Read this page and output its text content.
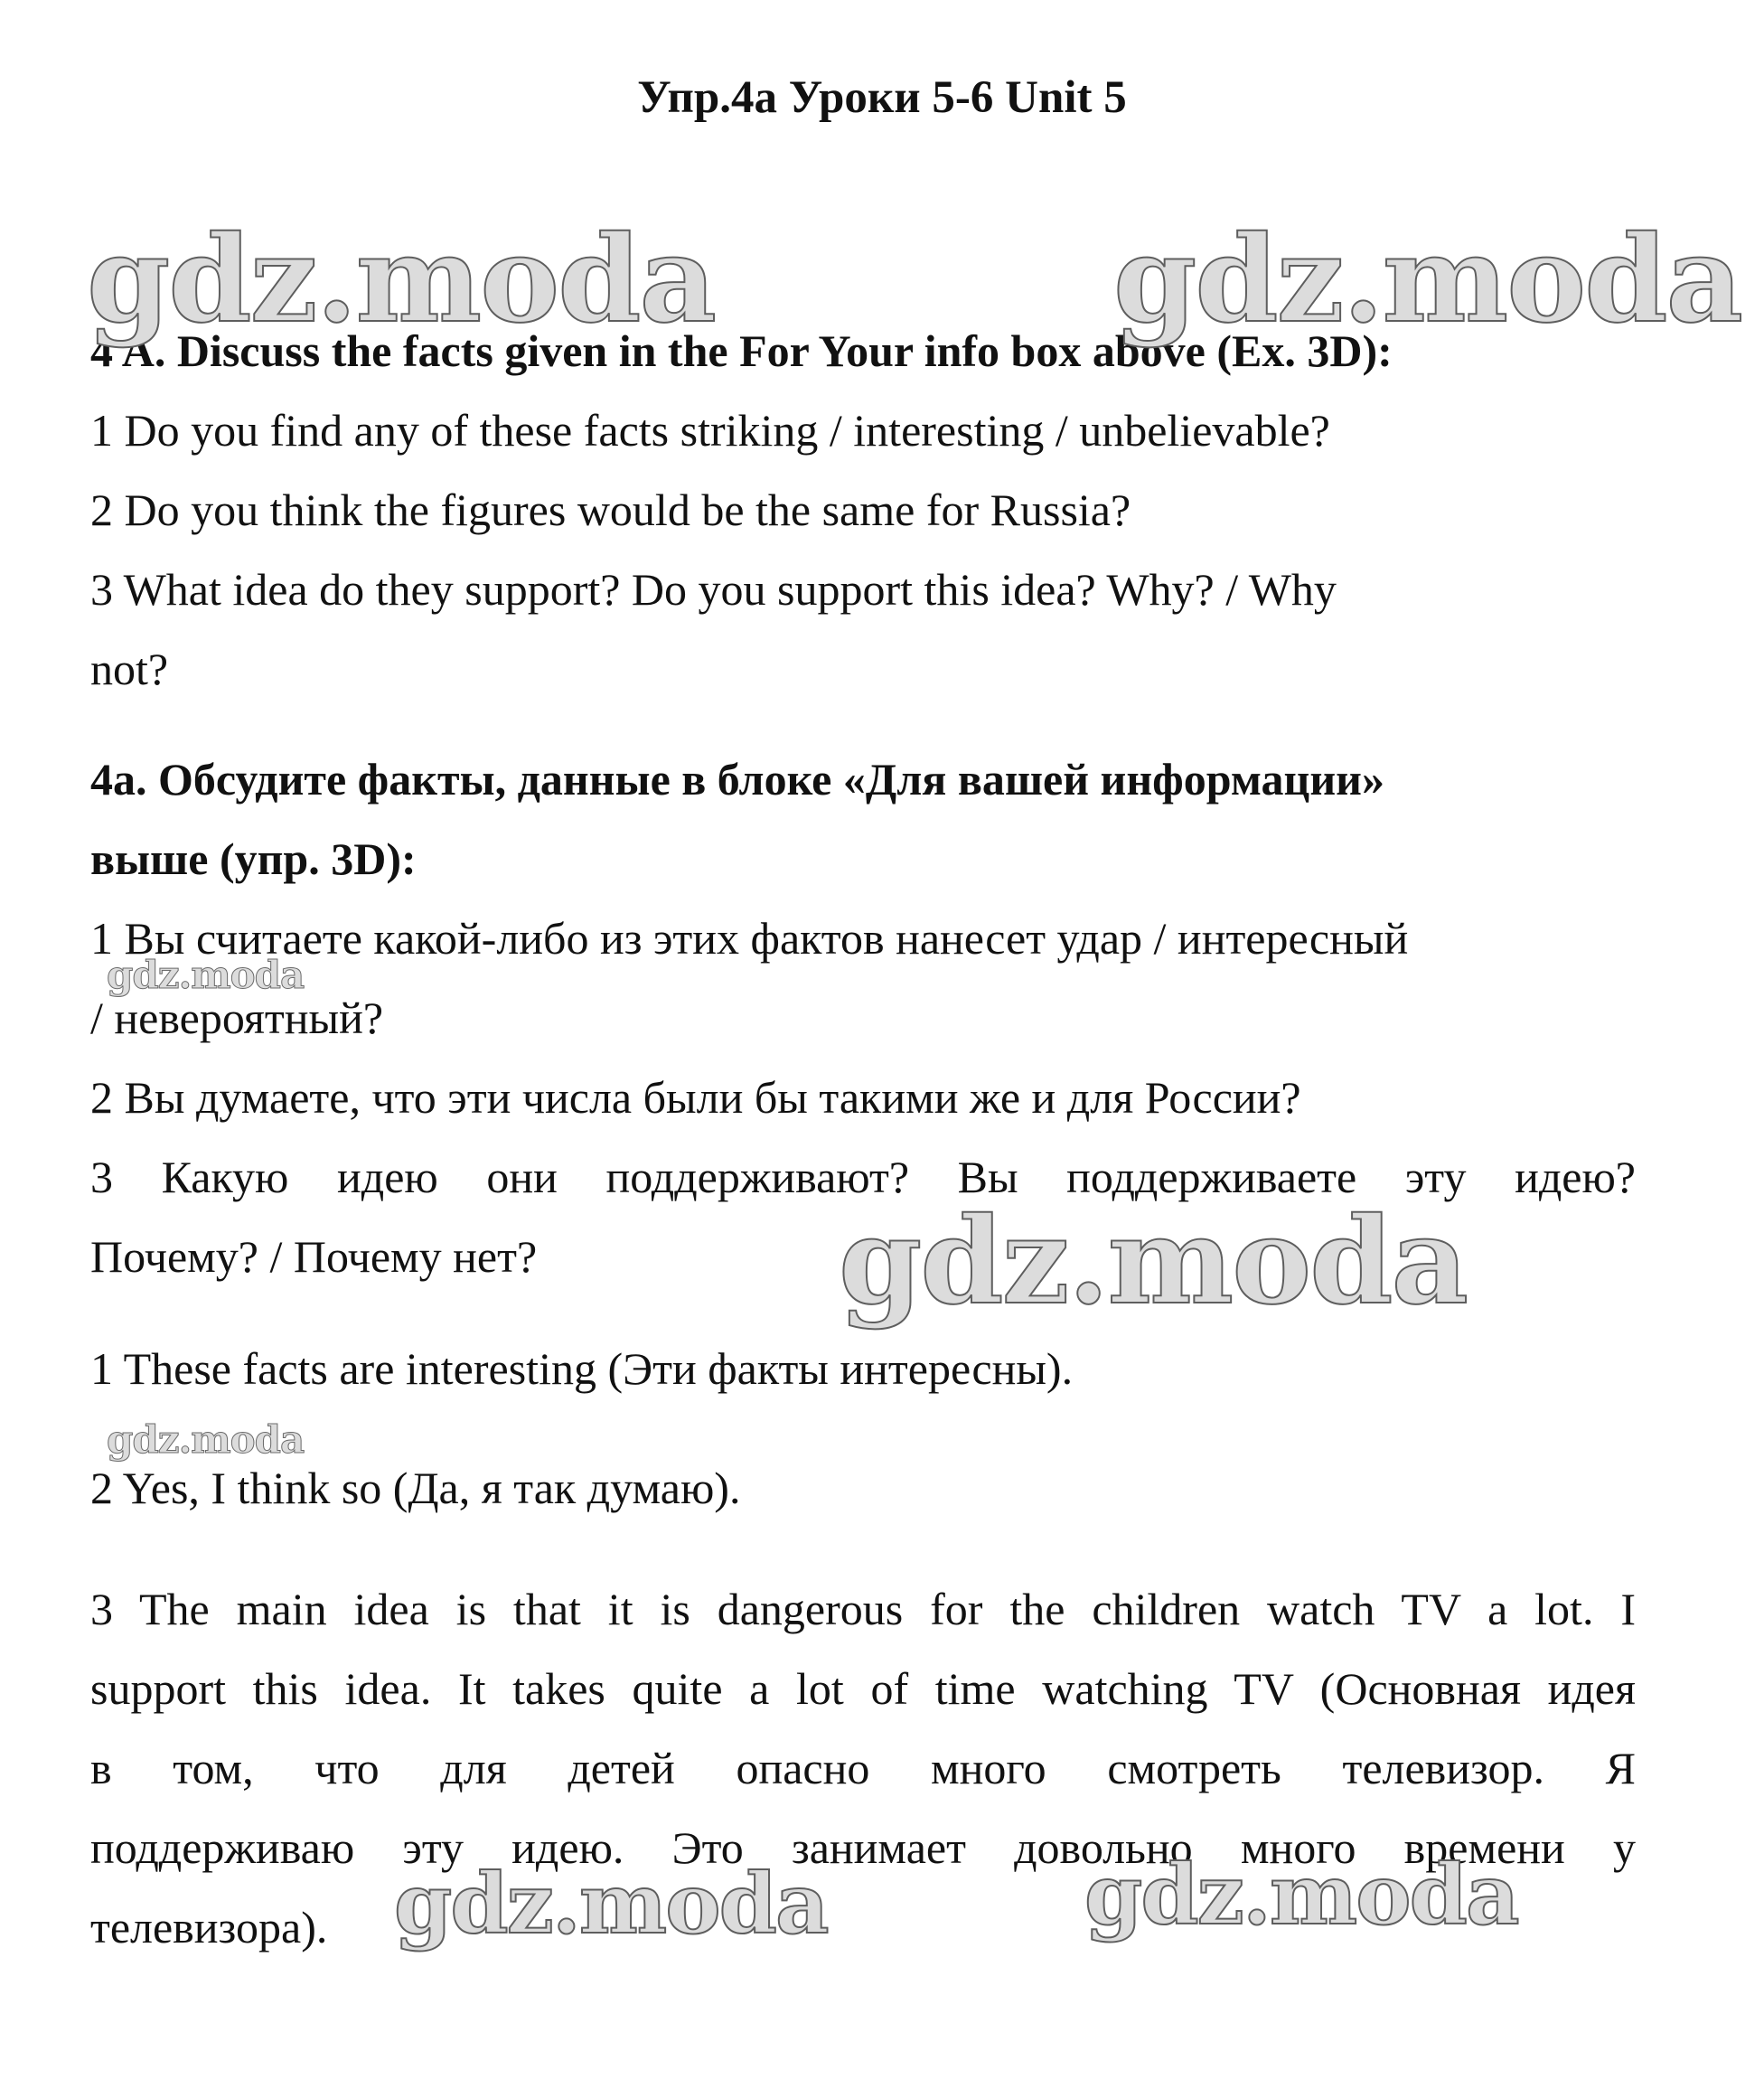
Упр.4а Уроки 5-6 Unit 5
gdz.moda	gdz.moda
gdz.moda
gdz.moda
gdz.moda
gdz.moda	gdz.moda

4 A. Discuss the facts given in the For Your info box above (Ex. 3D):

1 Do you find any of these facts striking / interesting / unbelievable?

2 Do you think the figures would be the same for Russia?

3 What idea do they support? Do you support this idea? Why? / Why

not?

4a. Обсудите факты, данные в блоке «Для вашей информации»

выше (упр. 3D):

1 Вы считаете какой-либо из этих фактов нанесет удар / интересный

/ невероятный?

2 Вы думаете, что эти числа были бы такими же и для России?

3 Какую идею они поддерживают? Вы поддерживаете эту идею?

Почему? / Почему нет?

1 These facts are interesting (Эти факты интересны).

2 Yes, I think so (Да, я так думаю).

3 The main idea is that it is dangerous for the children watch TV a lot. I

support this idea. It takes quite a lot of time watching TV (Основная идея

в том, что для детей опасно много смотреть телевизор. Я

поддерживаю эту идею. Это занимает довольно много времени у

телевизора).
